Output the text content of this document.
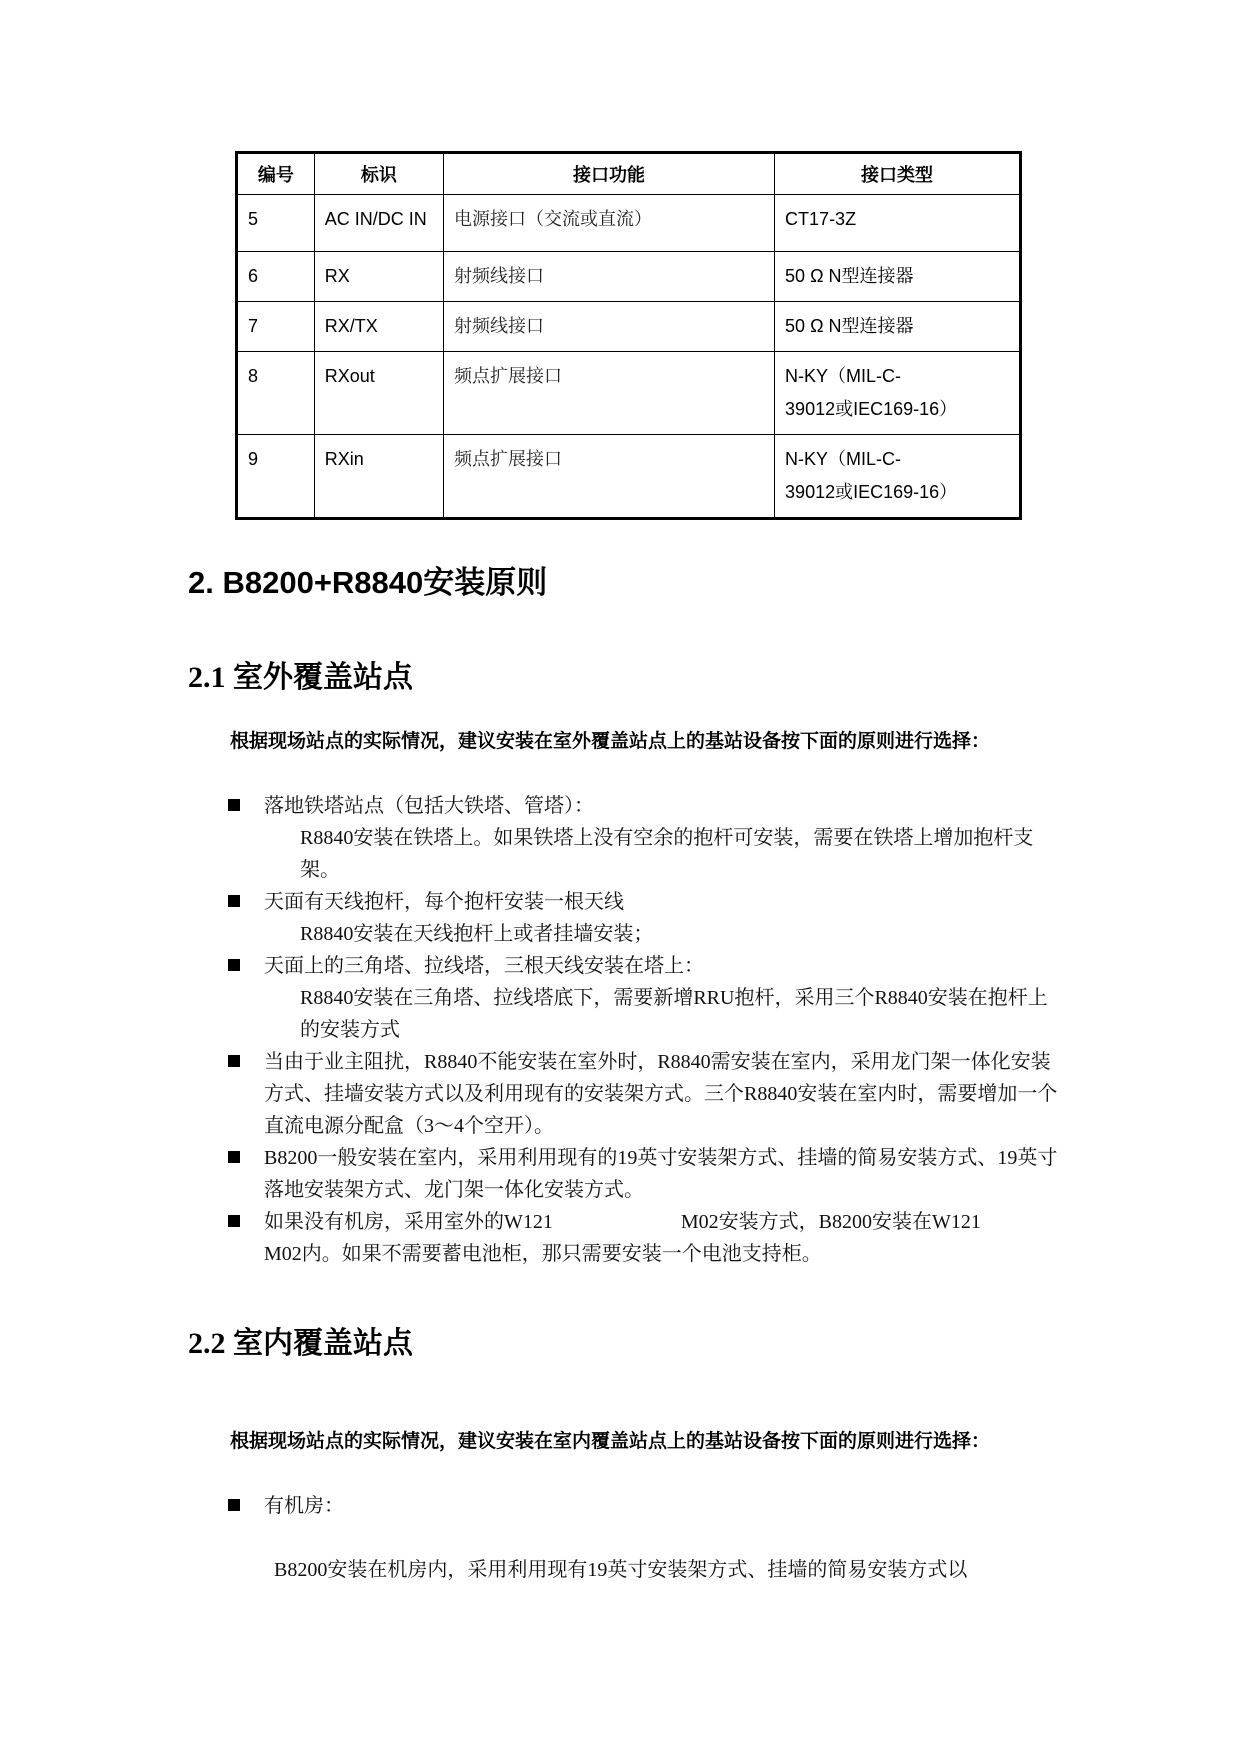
编号	标识	接口功能	接口类型
5	AC IN/DC IN	电源接口（交流或直流）	CT17-3Z
6	RX	射频线接口	50 Ω N型连接器
7	RX/TX	射频线接口	50 Ω N型连接器
8	RXout	频点扩展接口	N-KY（MIL-C-
39012或IEC169-16）
9	RXin	频点扩展接口	N-KY（MIL-C-
39012或IEC169-16）
2. B8200+R8840安装原则
2.1 室外覆盖站点

根据现场站点的实际情况，建议安装在室外覆盖站点上的基站设备按下面的原则进行选择：

落地铁塔站点（包括大铁塔、管塔）：
R8840安装在铁塔上。如果铁塔上没有空余的抱杆可安装，需要在铁塔上增加抱杆支架。
天面有天线抱杆，每个抱杆安装一根天线
R8840安装在天线抱杆上或者挂墙安装；
天面上的三角塔、拉线塔，三根天线安装在塔上：
R8840安装在三角塔、拉线塔底下，需要新增RRU抱杆，采用三个R8840安装在抱杆上的安装方式
当由于业主阻扰，R8840不能安装在室外时，R8840需安装在室内，采用龙门架一体化安装方式、挂墙安装方式以及利用现有的安装架方式。三个R8840安装在室内时，需要增加一个直流电源分配盒（3～4个空开）。
B8200一般安装在室内，采用利用现有的19英寸安装架方式、挂墙的简易安装方式、19英寸落地安装架方式、龙门架一体化安装方式。
如果没有机房，采用室外的W121	M02安装方式，B8200安装在W121
M02内。如果不需要蓄电池柜，那只需要安装一个电池支持柜。
2.2 室内覆盖站点

根据现场站点的实际情况，建议安装在室内覆盖站点上的基站设备按下面的原则进行选择：

有机房：

B8200安装在机房内，采用利用现有19英寸安装架方式、挂墙的简易安装方式以
